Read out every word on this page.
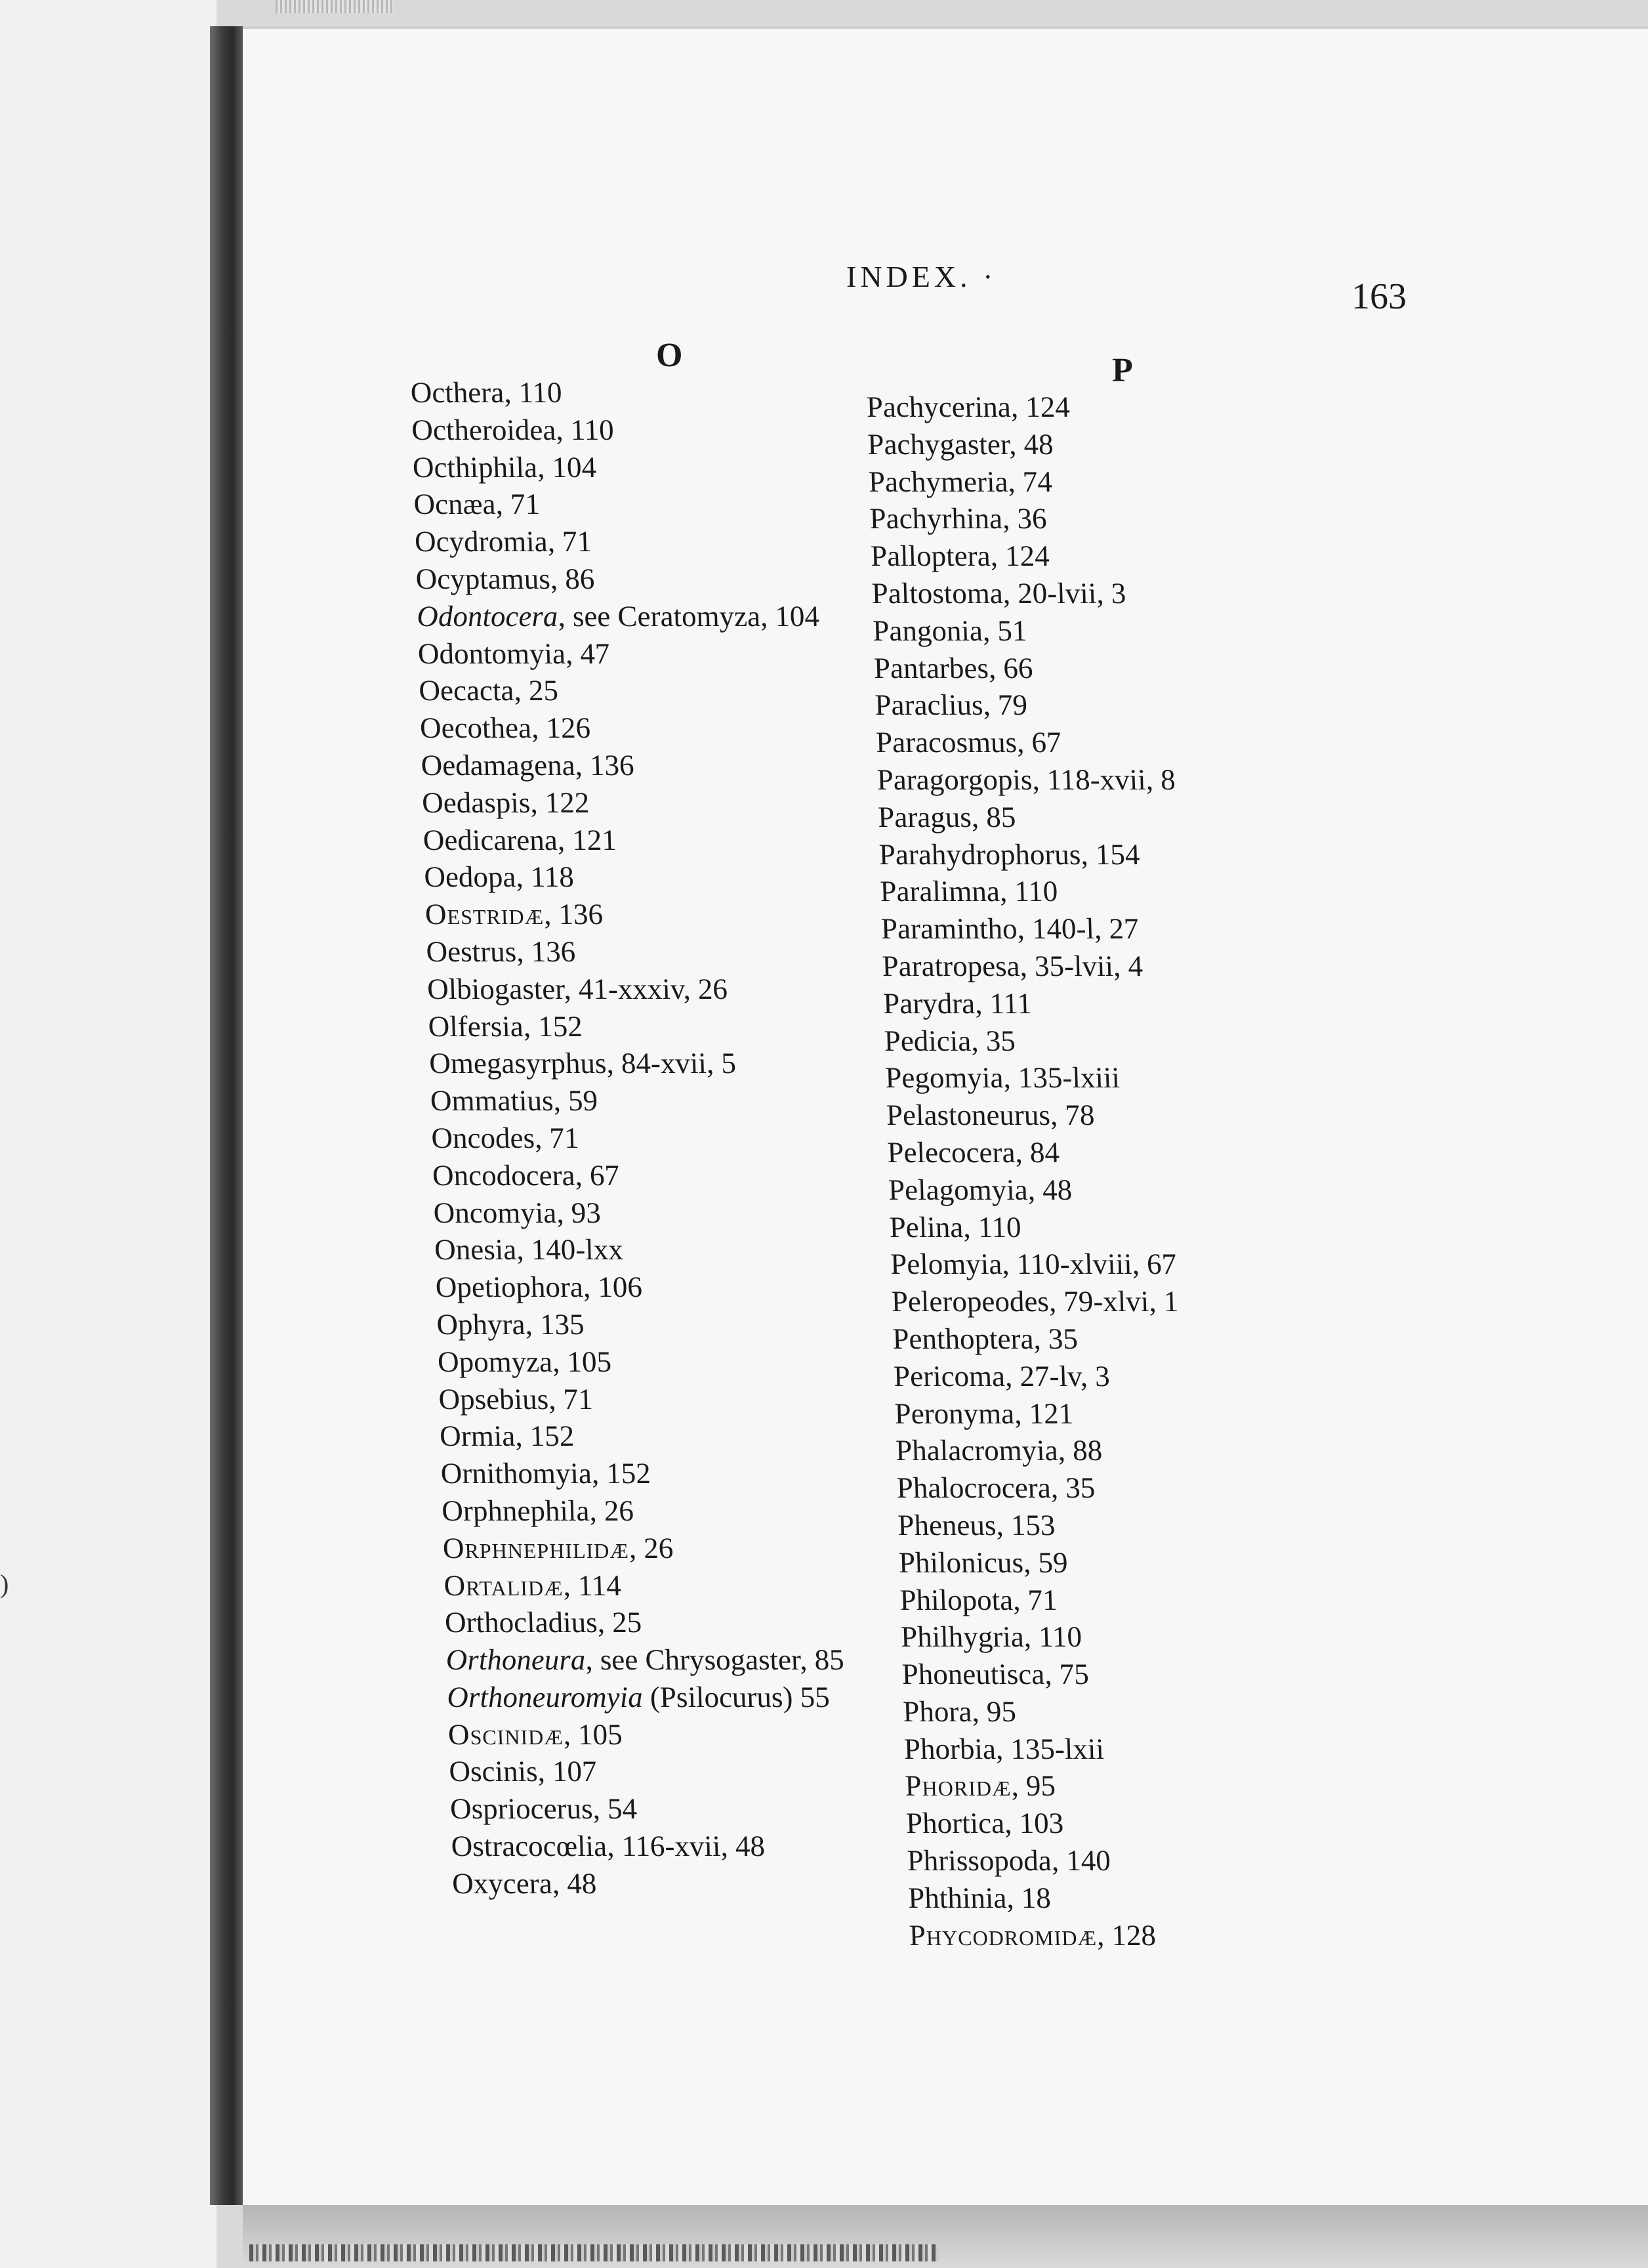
)
INDEX. ·	163
O
Octhera, 110
Octheroidea, 110
Octhiphila, 104
Ocnæa, 71
Ocydromia, 71
Ocyptamus, 86
Odontocera, see Ceratomyza, 104
Odontomyia, 47
Oecacta, 25
Oecothea, 126
Oedamagena, 136
Oedaspis, 122
Oedicarena, 121
Oedopa, 118
Oestridæ, 136
Oestrus, 136
Olbiogaster, 41-xxxiv, 26
Olfersia, 152
Omegasyrphus, 84-xvii, 5
Ommatius, 59
Oncodes, 71
Oncodocera, 67
Oncomyia, 93
Onesia, 140-lxx
Opetiophora, 106
Ophyra, 135
Opomyza, 105
Opsebius, 71
Ormia, 152
Ornithomyia, 152
Orphnephila, 26
Orphnephilidæ, 26
Ortalidæ, 114
Orthocladius, 25
Orthoneura, see Chrysogaster, 85
Orthoneuromyia (Psilocurus) 55
Oscinidæ, 105
Oscinis, 107
Ospriocerus, 54
Ostracocœlia, 116-xvii, 48
Oxycera, 48
P
Pachycerina, 124
Pachygaster, 48
Pachymeria, 74
Pachyrhina, 36
Palloptera, 124
Paltostoma, 20-lvii, 3
Pangonia, 51
Pantarbes, 66
Paraclius, 79
Paracosmus, 67
Paragorgopis, 118-xvii, 8
Paragus, 85
Parahydrophorus, 154
Paralimna, 110
Paramintho, 140-l, 27
Paratropesa, 35-lvii, 4
Parydra, 111
Pedicia, 35
Pegomyia, 135-lxiii
Pelastoneurus, 78
Pelecocera, 84
Pelagomyia, 48
Pelina, 110
Pelomyia, 110-xlviii, 67
Peleropeodes, 79-xlvi, 1
Penthoptera, 35
Pericoma, 27-lv, 3
Peronyma, 121
Phalacromyia, 88
Phalocrocera, 35
Pheneus, 153
Philonicus, 59
Philopota, 71
Philhygria, 110
Phoneutisca, 75
Phora, 95
Phorbia, 135-lxii
Phoridæ, 95
Phortica, 103
Phrissopoda, 140
Phthinia, 18
Phycodromidæ, 128
